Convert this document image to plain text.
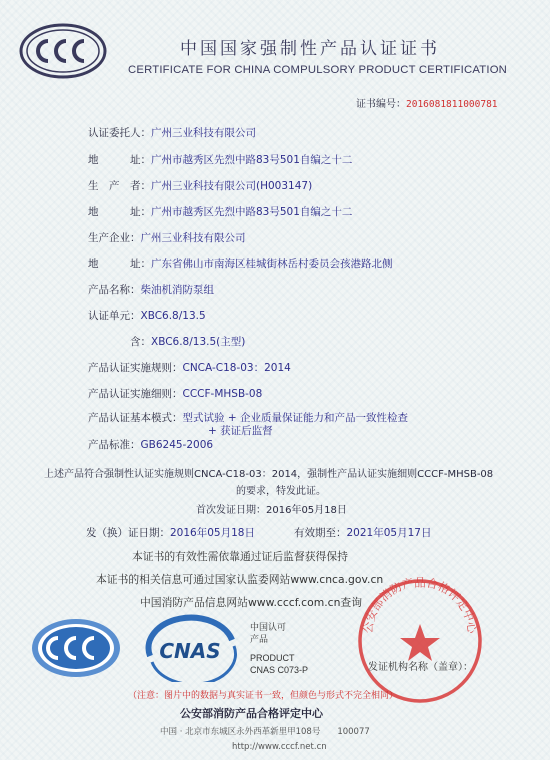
中国国家强制性产品认证证书
CERTIFICATE FOR CHINA COMPULSORY PRODUCT CERTIFICATION
证书编号：2016081811000781
认证委托人：广州三业科技有限公司
地　　　址：广州市越秀区先烈中路83号501自编之十二
生　产　者：广州三业科技有限公司(H003147)
地　　　址：广州市越秀区先烈中路83号501自编之十二
生产企业：广州三业科技有限公司
地　　　址：广东省佛山市南海区桂城街林岳村委员会孩港路北侧
产品名称：柴油机消防泵组
认证单元：XBC6.8/13.5
　　　　含：XBC6.8/13.5(主型)
产品认证实施规则：CNCA-C18-03：2014
产品认证实施细则：CCCF-MHSB-08
产品认证基本模式：型式试验 + 企业质量保证能力和产品一致性检查
+ 获证后监督
产品标准：GB6245-2006
上述产品符合强制性认证实施规则CNCA-C18-03：2014，强制性产品认证实施细则CCCF-MHSB-08
的要求，特发此证。
首次发证日期：2016年05月18日
发（换）证日期：2016年05月18日	有效期至：2021年05月17日
本证书的有效性需依靠通过证后监督获得保持
本证书的相关信息可通过国家认监委网站www.cnca.gov.cn
中国消防产品信息网站www.cccf.com.cn查询
CNAS
中国认可
产品
PRODUCT
CNAS C073-P
公安部消防产品合格评定中心
发证机构名称（盖章）：
（注意：图片中的数据与真实证书一致，但颜色与形式不完全相同）
公安部消防产品合格评定中心
中国 · 北京市东城区永外西革新里甲108号　　100077
http://www.cccf.net.cn
